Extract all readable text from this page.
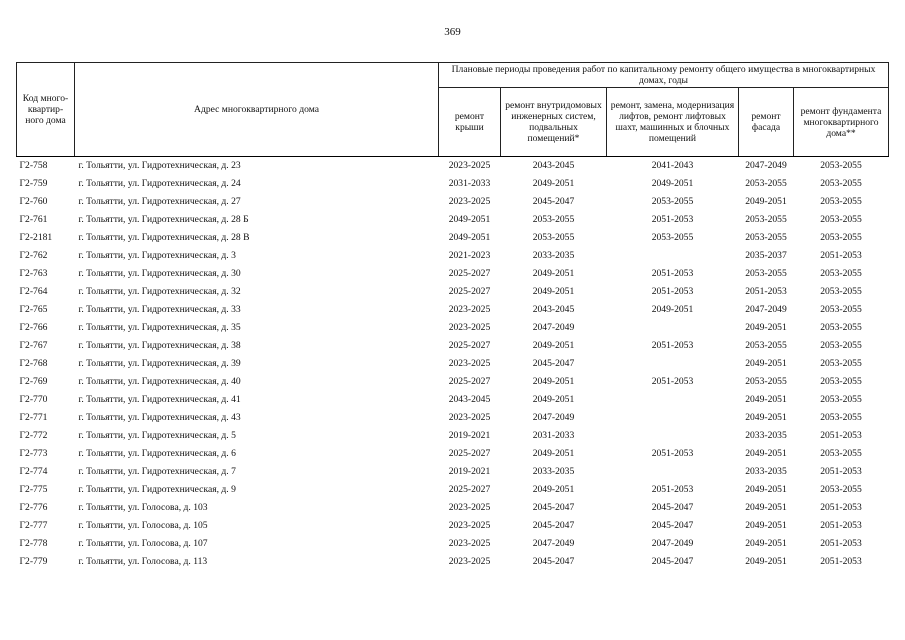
369
Код много-квартир-ного дома	Адрес многоквартирного дома	Плановые периоды проведения работ по капитальному ремонту общего имущества в многоквартирных домах, годы				
		ремонт крыши	ремонт внутридомовых инженерных систем, подвальных помещений*	ремонт, замена, модернизация лифтов, ремонт лифтовых шахт, машинных и блочных помещений	ремонт фасада	ремонт фундамента многоквартирного дома**
Г2-758	г. Тольятти, ул. Гидротехническая, д. 23	2023-2025	2043-2045	2041-2043	2047-2049	2053-2055
Г2-759	г. Тольятти, ул. Гидротехническая, д. 24	2031-2033	2049-2051	2049-2051	2053-2055	2053-2055
Г2-760	г. Тольятти, ул. Гидротехническая, д. 27	2023-2025	2045-2047	2053-2055	2049-2051	2053-2055
Г2-761	г. Тольятти, ул. Гидротехническая, д. 28 Б	2049-2051	2053-2055	2051-2053	2053-2055	2053-2055
Г2-2181	г. Тольятти, ул. Гидротехническая, д. 28 В	2049-2051	2053-2055	2053-2055	2053-2055	2053-2055
Г2-762	г. Тольятти, ул. Гидротехническая, д. 3	2021-2023	2033-2035		2035-2037	2051-2053
Г2-763	г. Тольятти, ул. Гидротехническая, д. 30	2025-2027	2049-2051	2051-2053	2053-2055	2053-2055
Г2-764	г. Тольятти, ул. Гидротехническая, д. 32	2025-2027	2049-2051	2051-2053	2051-2053	2053-2055
Г2-765	г. Тольятти, ул. Гидротехническая, д. 33	2023-2025	2043-2045	2049-2051	2047-2049	2053-2055
Г2-766	г. Тольятти, ул. Гидротехническая, д. 35	2023-2025	2047-2049		2049-2051	2053-2055
Г2-767	г. Тольятти, ул. Гидротехническая, д. 38	2025-2027	2049-2051	2051-2053	2053-2055	2053-2055
Г2-768	г. Тольятти, ул. Гидротехническая, д. 39	2023-2025	2045-2047		2049-2051	2053-2055
Г2-769	г. Тольятти, ул. Гидротехническая, д. 40	2025-2027	2049-2051	2051-2053	2053-2055	2053-2055
Г2-770	г. Тольятти, ул. Гидротехническая, д. 41	2043-2045	2049-2051		2049-2051	2053-2055
Г2-771	г. Тольятти, ул. Гидротехническая, д. 43	2023-2025	2047-2049		2049-2051	2053-2055
Г2-772	г. Тольятти, ул. Гидротехническая, д. 5	2019-2021	2031-2033		2033-2035	2051-2053
Г2-773	г. Тольятти, ул. Гидротехническая, д. 6	2025-2027	2049-2051	2051-2053	2049-2051	2053-2055
Г2-774	г. Тольятти, ул. Гидротехническая, д. 7	2019-2021	2033-2035		2033-2035	2051-2053
Г2-775	г. Тольятти, ул. Гидротехническая, д. 9	2025-2027	2049-2051	2051-2053	2049-2051	2053-2055
Г2-776	г. Тольятти, ул. Голосова, д. 103	2023-2025	2045-2047	2045-2047	2049-2051	2051-2053
Г2-777	г. Тольятти, ул. Голосова, д. 105	2023-2025	2045-2047	2045-2047	2049-2051	2051-2053
Г2-778	г. Тольятти, ул. Голосова, д. 107	2023-2025	2047-2049	2047-2049	2049-2051	2051-2053
Г2-779	г. Тольятти, ул. Голосова, д. 113	2023-2025	2045-2047	2045-2047	2049-2051	2051-2053
